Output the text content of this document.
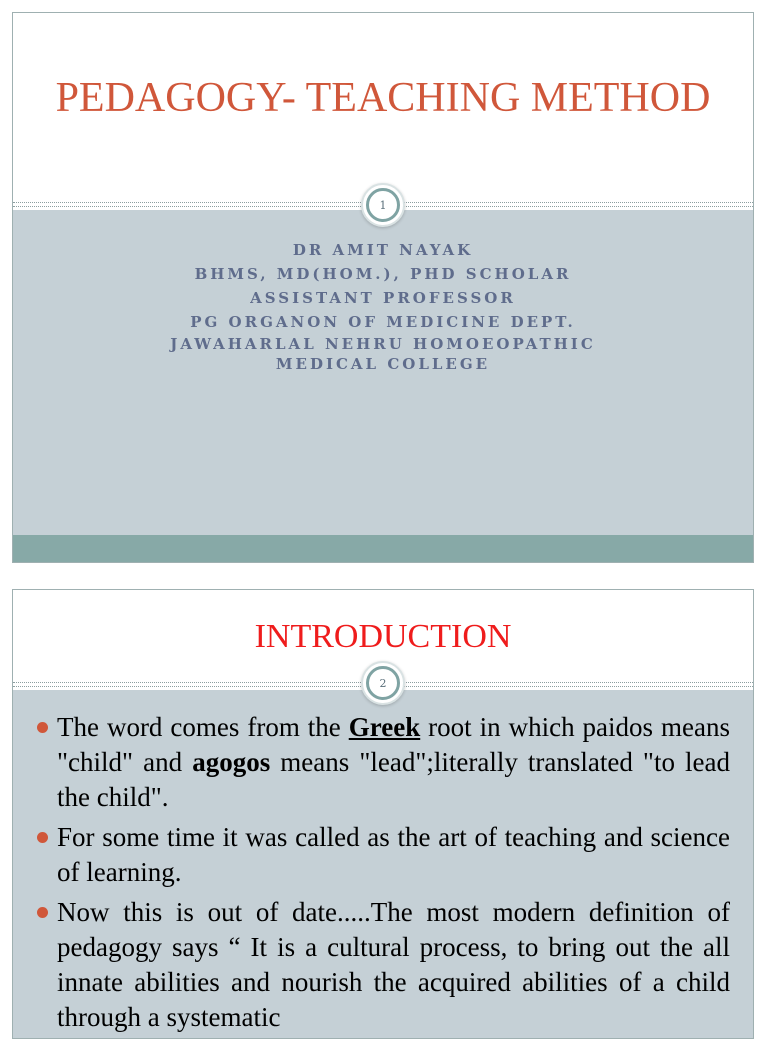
PEDAGOGY- TEACHING METHOD
DR AMIT NAYAK
BHMS, MD(HOM.), PHD SCHOLAR
ASSISTANT PROFESSOR
PG ORGANON OF MEDICINE DEPT.
JAWAHARLAL NEHRU HOMOEOPATHIC
MEDICAL COLLEGE
1
INTRODUCTION
The word comes from the Greek root in which paidos means "child" and agogos means "lead";literally translated "to lead the child".
For some time it was called as the art of teaching and science of learning.
Now this is out of date.....The most modern definition of pedagogy says “ It is a cultural process, to bring out the all innate abilities and nourish the acquired abilities of a child through a systematic
2
